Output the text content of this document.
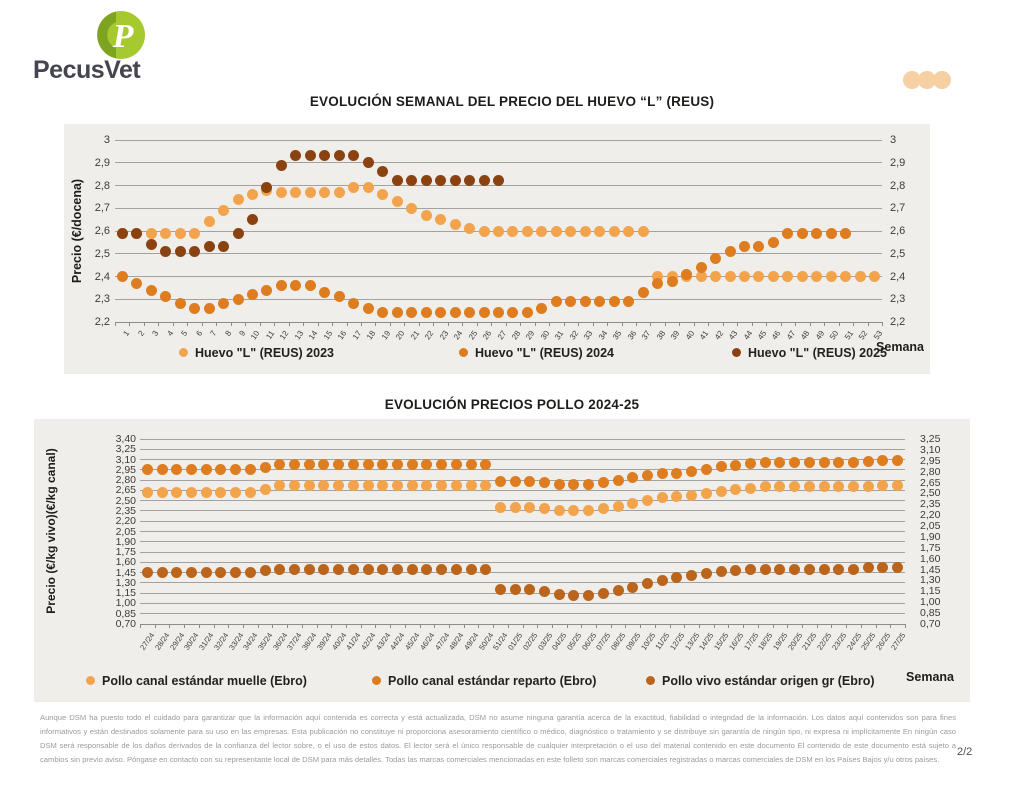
P
PecusVet
EVOLUCIÓN SEMANAL DEL PRECIO DEL HUEVO “L” (REUS)
EVOLUCIÓN PRECIOS POLLO 2024-25
Precio (€/docena)
3
2,9
2,8
2,7
2,6
2,5
2,4
2,3
2,2
1 2 3 4 5 6 7 8 9 10 11 12 13 14 15 16 17 18 19 20 21 22 23 24 25 26 27 28 29 30 31 32 33 34 35 36 37 38 39 40 41 42 43 44 45 46 47 48 49 50 51 52 53
3
2,9
2,8
2,7
2,6
2,5
2,4
2,3
2,2
Semana
Huevo "L" (REUS) 2023	Huevo "L" (REUS) 2024	Huevo "L" (REUS) 2025
Precio (€/kg vivo)(€/kg canal)
3,40
3,25
3,10
2,95
2,80
2,65
2,50
2,35
2,20
2,05
1,90
1,75
1,60
1,45
1,30
1,15
1,00
0,85
0,70
27/24
28/24
29/24
30/24
31/24
32/24
33/24
34/24
35/24
36/24
37/24
38/24
39/24
40/24
41/24
42/24
43/24
44/24
45/24
46/24
47/24
48/24
49/24
50/24
51/24
01/25
02/25
03/25
04/25
05/25
06/25
07/25
08/25
09/25
10/25
11/25
12/25
13/25
14/25
15/25
16/25
17/25
18/25
19/25
20/25
21/25
22/25
23/25
24/25
25/25
26/25
27/25
3,25
3,10
2,95
2,80
2,65
2,50
2,35
2,20
2,05
1,90
1,75
1,60
1,45
1,30
1,15
1,00
0,85
0,70
Semana
Pollo canal estándar muelle (Ebro)	Pollo canal estándar reparto (Ebro)	Pollo vivo estándar origen gr (Ebro)
Aunque DSM ha puesto todo el cuidado para garantizar que la información aquí contenida es correcta y está actualizada, DSM no asume ninguna garantía acerca de la exactitud, fiabilidad o integridad de la información. Los datos aquí contenidos son para fines informativos y están destinados solamente para su uso en las empresas. Esta publicación no constituye ni proporciona asesoramiento científico o médico, diagnóstico o tratamiento y se distribuye sin garantía de ningún tipo, ni expresa ni implícitamente En ningún caso DSM será responsable de los daños derivados de la confianza del lector sobre, o el uso de estos datos. El lector será el único responsable de cualquier interpretación o el uso del material contenido en este documento El contenido de este documento está sujeto a cambios sin previo aviso. Póngase en contacto con su representante local de DSM para más detalles. Todas las marcas comerciales mencionadas en este folleto son marcas comerciales registradas o marcas comerciales de DSM en los Países Bajos y/u otros países.
2/2
